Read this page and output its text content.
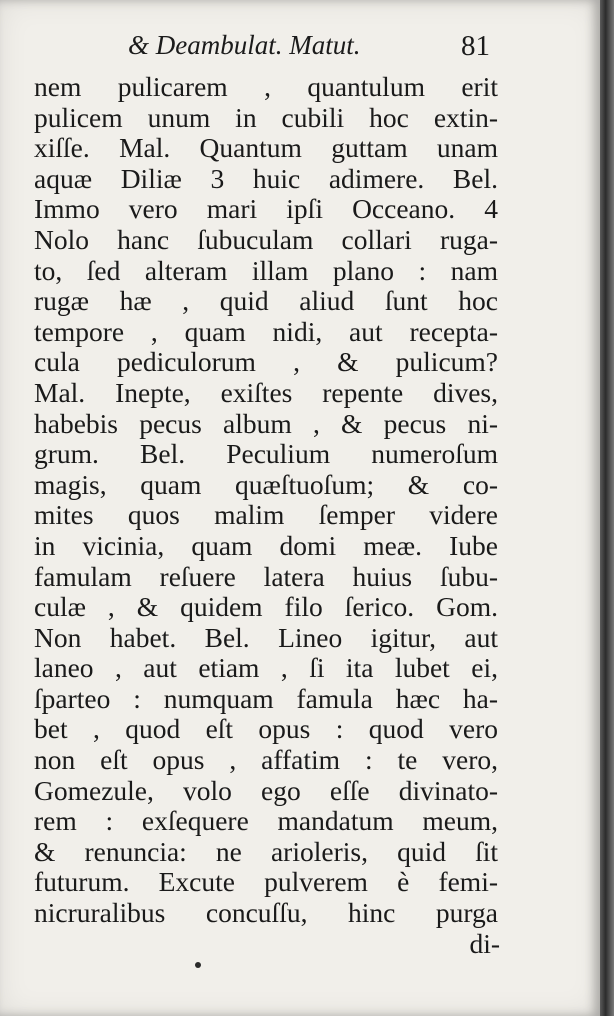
& Deambulat. Matut.	81
nem pulicarem , quantulum erit
pulicem unum in cubili hoc extin-
xiſſe. Mal. Quantum guttam unam
aquæ Diliæ 3 huic adimere. Bel.
Immo vero mari ipſi Occeano. 4
Nolo hanc ſubuculam collari ruga-
to, ſed alteram illam plano : nam
rugæ hæ , quid aliud ſunt hoc
tempore , quam nidi, aut recepta-
cula pediculorum , & pulicum?
Mal. Inepte, exiſtes repente dives,
habebis pecus album , & pecus ni-
grum. Bel. Peculium numeroſum
magis, quam quæſtuoſum; & co-
mites quos malim ſemper videre
in vicinia, quam domi meæ. Iube
famulam reſuere latera huius ſubu-
culæ , & quidem filo ſerico. Gom.
Non habet. Bel. Lineo igitur, aut
laneo , aut etiam , ſi ita lubet ei,
ſparteo : numquam famula hæc ha-
bet , quod eſt opus : quod vero
non eſt opus , affatim : te vero,
Gomezule, volo ego eſſe divinato-
rem : exſequere mandatum meum,
& renuncia: ne arioleris, quid ſit
futurum. Excute pulverem è femi-
nicruralibus concuſſu, hinc purga
di-
